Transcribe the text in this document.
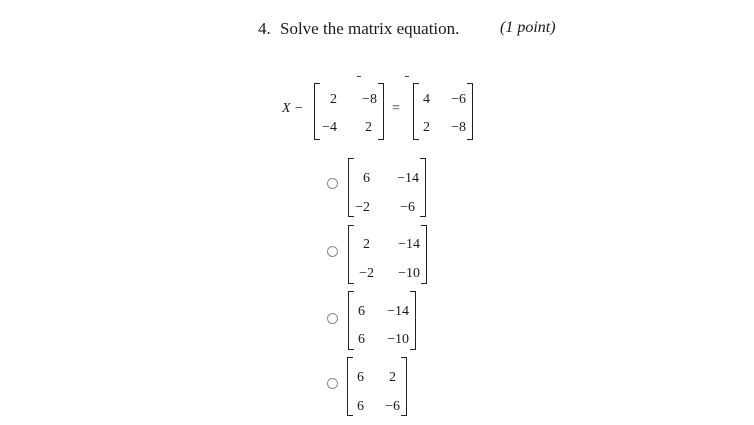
4. Solve the matrix equation.	(1 point)
X −
2 −8
−4 2
=
4 −6
2 −8
6 −14
−2 −6
2 −14
−2 −10
6 −14
6 −10
6 2
6 −6
